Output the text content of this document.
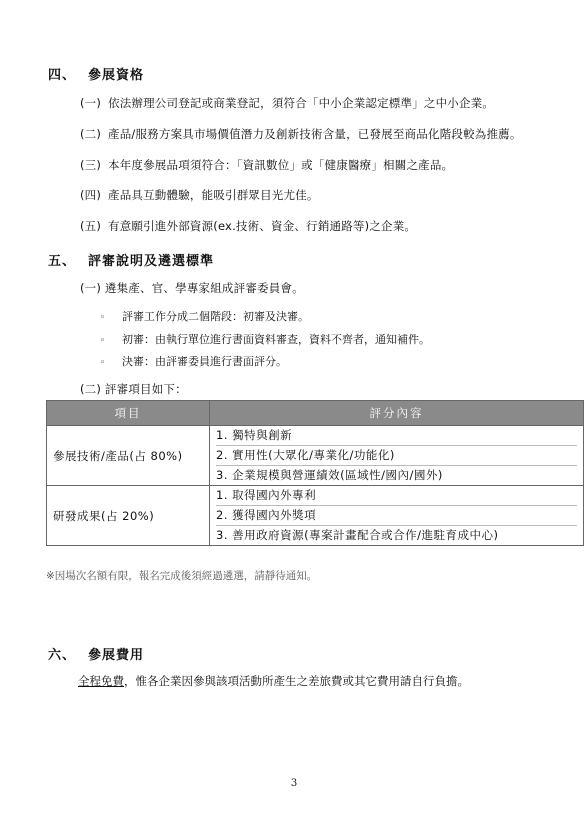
四、 參展資格
(一) 依法辦理公司登記或商業登記，須符合「中小企業認定標準」之中小企業。
(二) 產品/服務方案具市場價值潛力及創新技術含量，已發展至商品化階段較為推薦。
(三) 本年度參展品項須符合：「資訊數位」或「健康醫療」相關之產品。
(四) 產品具互動體驗，能吸引群眾目光尤佳。
(五) 有意願引進外部資源(ex.技術、資金、行銷通路等)之企業。
五、 評審說明及遴選標準
(一) 遴集產、官、學專家組成評審委員會。
◦ 評審工作分成二個階段：初審及決審。
◦ 初審：由執行單位進行書面資料審查，資料不齊者，通知補件。
◦ 決審：由評審委員進行書面評分。
(二) 評審項目如下：
項目	評分內容
參展技術/產品(占 80%)	1. 獨特與創新
2. 實用性(大眾化/專業化/功能化)
3. 企業規模與營運績效(區域性/國內/國外)

研發成果(占 20%)	1. 取得國內外專利
2. 獲得國內外獎項
3. 善用政府資源(專案計畫配合或合作/進駐育成中心)
※因場次名額有限，報名完成後須經過遴選，請靜待通知。
六、 參展費用
全程免費，惟各企業因參與該項活動所產生之差旅費或其它費用請自行負擔。
3
